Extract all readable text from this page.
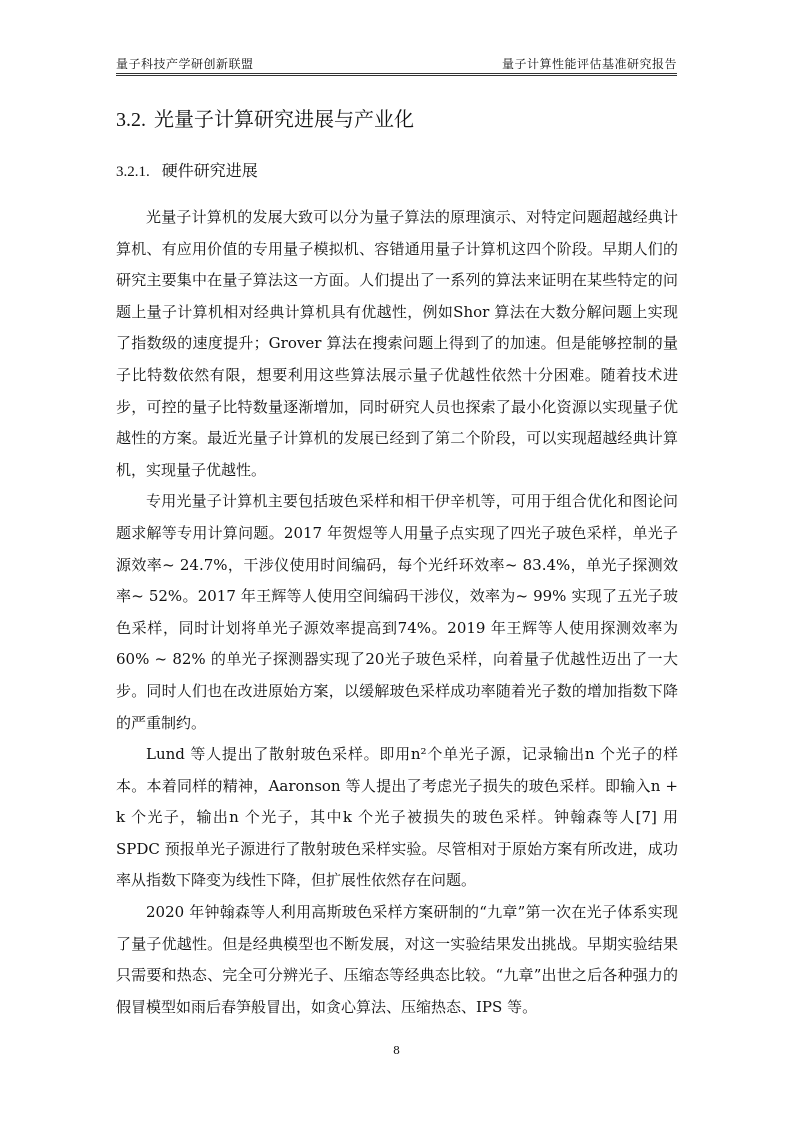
量子科技产学研创新联盟	量子计算性能评估基准研究报告
3.2. 光量子计算研究进展与产业化
3.2.1. 硬件研究进展

光量子计算机的发展大致可以分为量子算法的原理演示、对特定问题超越经典计算机、有应用价值的专用量子模拟机、容错通用量子计算机这四个阶段。早期人们的研究主要集中在量子算法这一方面。人们提出了一系列的算法来证明在某些特定的问题上量子计算机相对经典计算机具有优越性，例如Shor 算法在大数分解问题上实现了指数级的速度提升；Grover 算法在搜索问题上得到了的加速。但是能够控制的量子比特数依然有限，想要利用这些算法展示量子优越性依然十分困难。随着技术进步，可控的量子比特数量逐渐增加，同时研究人员也探索了最小化资源以实现量子优越性的方案。最近光量子计算机的发展已经到了第二个阶段，可以实现超越经典计算机，实现量子优越性。

专用光量子计算机主要包括玻色采样和相干伊辛机等，可用于组合优化和图论问题求解等专用计算问题。2017 年贺煜等人用量子点实现了四光子玻色采样，单光子源效率~ 24.7%，干涉仪使用时间编码，每个光纤环效率~ 83.4%，单光子探测效率~ 52%。2017 年王辉等人使用空间编码干涉仪，效率为~ 99% 实现了五光子玻色采样，同时计划将单光子源效率提高到74%。2019 年王辉等人使用探测效率为60% ~ 82% 的单光子探测器实现了20光子玻色采样，向着量子优越性迈出了一大步。同时人们也在改进原始方案，以缓解玻色采样成功率随着光子数的增加指数下降的严重制约。

Lund 等人提出了散射玻色采样。即用n²个单光子源，记录输出n 个光子的样本。本着同样的精神，Aaronson 等人提出了考虑光子损失的玻色采样。即输入n + k 个光子，输出n 个光子，其中k 个光子被损失的玻色采样。钟翰森等人[7] 用SPDC 预报单光子源进行了散射玻色采样实验。尽管相对于原始方案有所改进，成功率从指数下降变为线性下降，但扩展性依然存在问题。

2020 年钟翰森等人利用高斯玻色采样方案研制的“九章”第一次在光子体系实现了量子优越性。但是经典模型也不断发展，对这一实验结果发出挑战。早期实验结果只需要和热态、完全可分辨光子、压缩态等经典态比较。“九章”出世之后各种强力的假冒模型如雨后春笋般冒出，如贪心算法、压缩热态、IPS 等。

8
